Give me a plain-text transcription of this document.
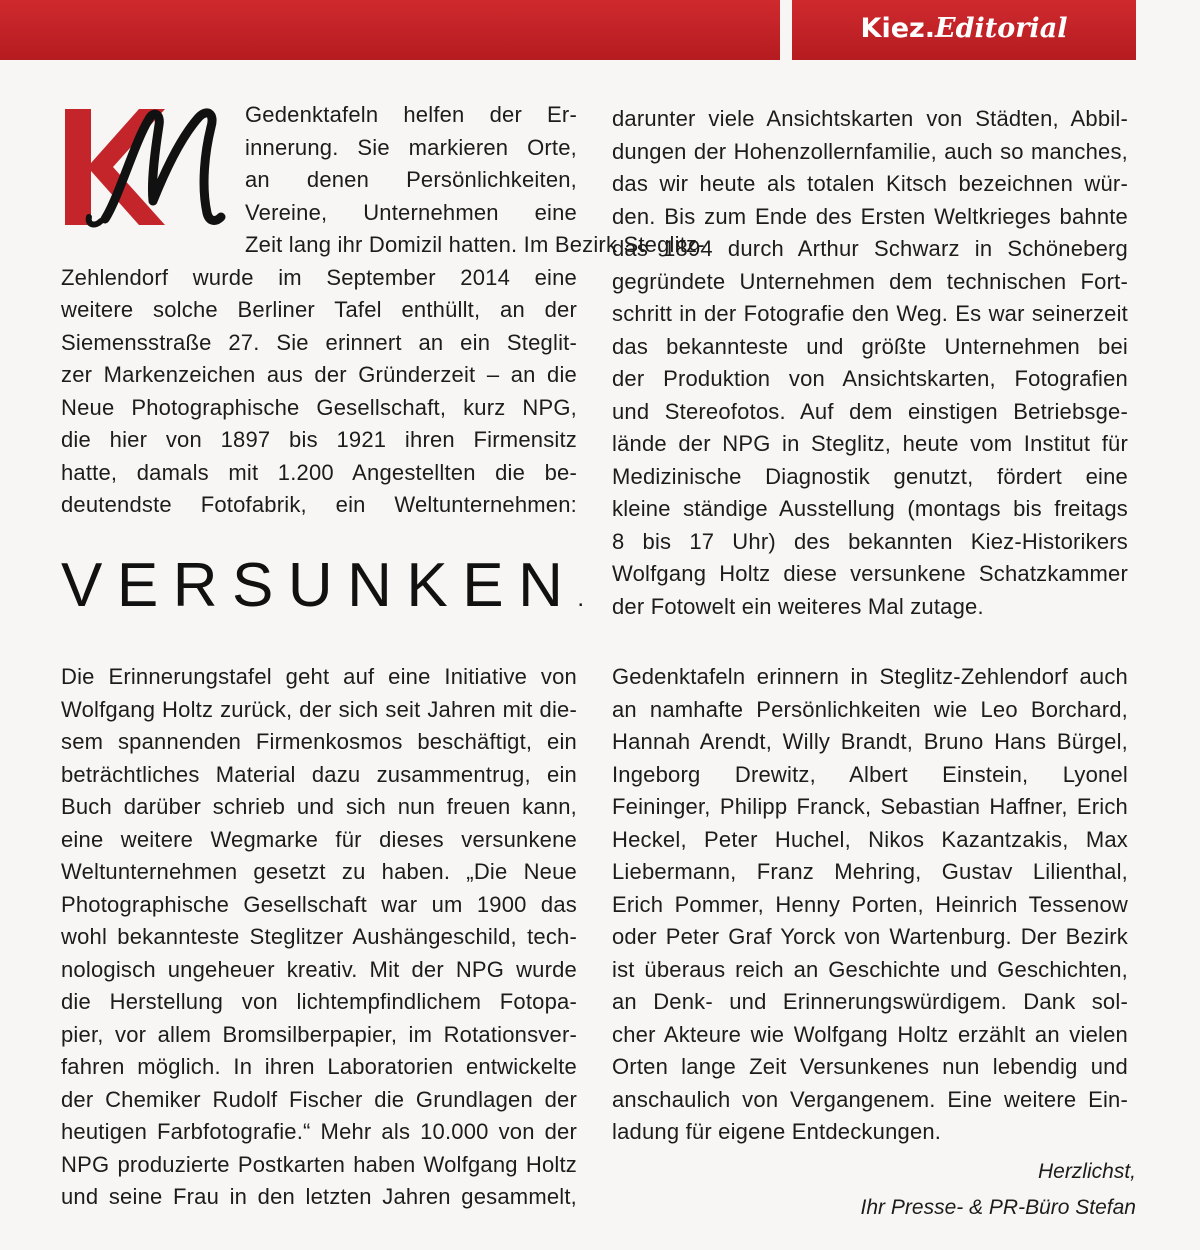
Kiez.Editorial

Gedenktafeln helfen der Er-
innerung. Sie markieren Orte,
an denen Persönlichkeiten,
Vereine, Unternehmen eine
Zeit lang ihr Domizil hatten. Im Bezirk Steglitz-
Zehlendorf wurde im September 2014 eine
weitere solche Berliner Tafel enthüllt, an der
Siemensstraße 27. Sie erinnert an ein Steglit-
zer Markenzeichen aus der Gründerzeit – an die
Neue Photographische Gesellschaft, kurz NPG,
die hier von 1897 bis 1921 ihren Firmensitz
hatte, damals mit 1.200 Angestellten die be-
deutendste Fotofabrik, ein Weltunternehmen:

VERSUNKEN.

darunter viele Ansichtskarten von Städten, Abbil-
dungen der Hohenzollernfamilie, auch so manches,
das wir heute als totalen Kitsch bezeichnen wür-
den. Bis zum Ende des Ersten Weltkrieges bahnte
das 1894 durch Arthur Schwarz in Schöneberg
gegründete Unternehmen dem technischen Fort-
schritt in der Fotografie den Weg. Es war seinerzeit
das bekannteste und größte Unternehmen bei
der Produktion von Ansichtskarten, Fotografien
und Stereofotos. Auf dem einstigen Betriebsge-
lände der NPG in Steglitz, heute vom Institut für
Medizinische Diagnostik genutzt, fördert eine
kleine ständige Ausstellung (montags bis freitags
8 bis 17 Uhr) des bekannten Kiez-Historikers
Wolfgang Holtz diese versunkene Schatzkammer
der Fotowelt ein weiteres Mal zutage.

Die Erinnerungstafel geht auf eine Initiative von
Wolfgang Holtz zurück, der sich seit Jahren mit die-
sem spannenden Firmenkosmos beschäftigt, ein
beträchtliches Material dazu zusammentrug, ein
Buch darüber schrieb und sich nun freuen kann,
eine weitere Wegmarke für dieses versunkene
Weltunternehmen gesetzt zu haben. „Die Neue
Photographische Gesellschaft war um 1900 das
wohl bekannteste Steglitzer Aushängeschild, tech-
nologisch ungeheuer kreativ. Mit der NPG wurde
die Herstellung von lichtempfindlichem Fotopa-
pier, vor allem Bromsilberpapier, im Rotationsver-
fahren möglich. In ihren Laboratorien entwickelte
der Chemiker Rudolf Fischer die Grundlagen der
heutigen Farbfotografie.“ Mehr als 10.000 von der
NPG produzierte Postkarten haben Wolfgang Holtz
und seine Frau in den letzten Jahren gesammelt,

Gedenktafeln erinnern in Steglitz-Zehlendorf auch
an namhafte Persönlichkeiten wie Leo Borchard,
Hannah Arendt, Willy Brandt, Bruno Hans Bürgel,
Ingeborg Drewitz, Albert Einstein, Lyonel
Feininger, Philipp Franck, Sebastian Haffner, Erich
Heckel, Peter Huchel, Nikos Kazantzakis, Max
Liebermann, Franz Mehring, Gustav Lilienthal,
Erich Pommer, Henny Porten, Heinrich Tessenow
oder Peter Graf Yorck von Wartenburg. Der Bezirk
ist überaus reich an Geschichte und Geschichten,
an Denk- und Erinnerungswürdigem. Dank sol-
cher Akteure wie Wolfgang Holtz erzählt an vielen
Orten lange Zeit Versunkenes nun lebendig und
anschaulich von Vergangenem. Eine weitere Ein-
ladung für eigene Entdeckungen.

Herzlichst,
Ihr Presse- & PR-Büro Stefan
